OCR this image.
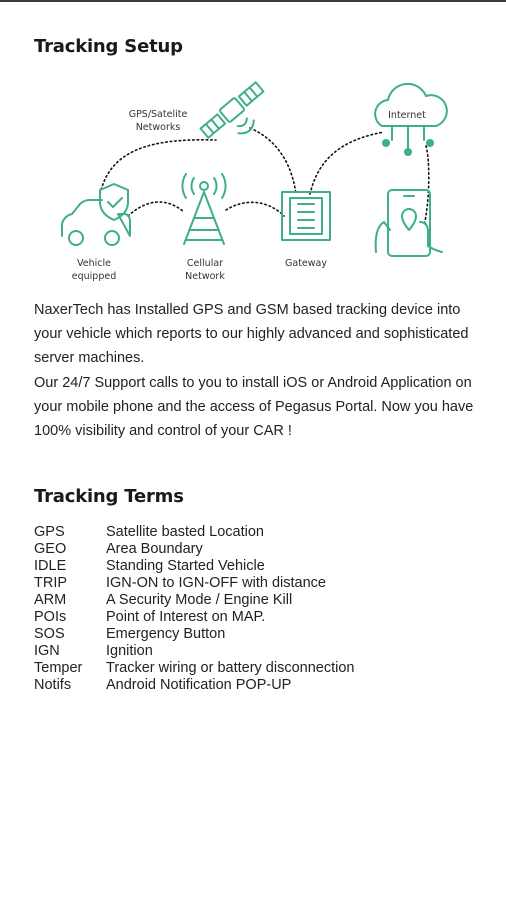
Tracking Setup
GPS/Satelite
Networks
Internet
Vehicle
equipped
Cellular
Network
Gateway

NaxerTech has Installed GPS and GSM based tracking device into your vehicle which reports to our highly advanced and sophisticated server machines.

Our 24/7 Support calls to you to install iOS or Android Application on your mobile phone and the access of Pegasus Portal. Now you have 100% visibility and control of your CAR !

Tracking Terms
GPS	Satellite basted Location
GEO	Area Boundary
IDLE	Standing Started Vehicle
TRIP	IGN-ON to IGN-OFF with distance
ARM	A Security Mode / Engine Kill
POIs	Point of Interest on MAP.
SOS	Emergency Button
IGN	Ignition
Temper Tracker wiring or battery disconnection
Notifs Android Notification POP-UP
